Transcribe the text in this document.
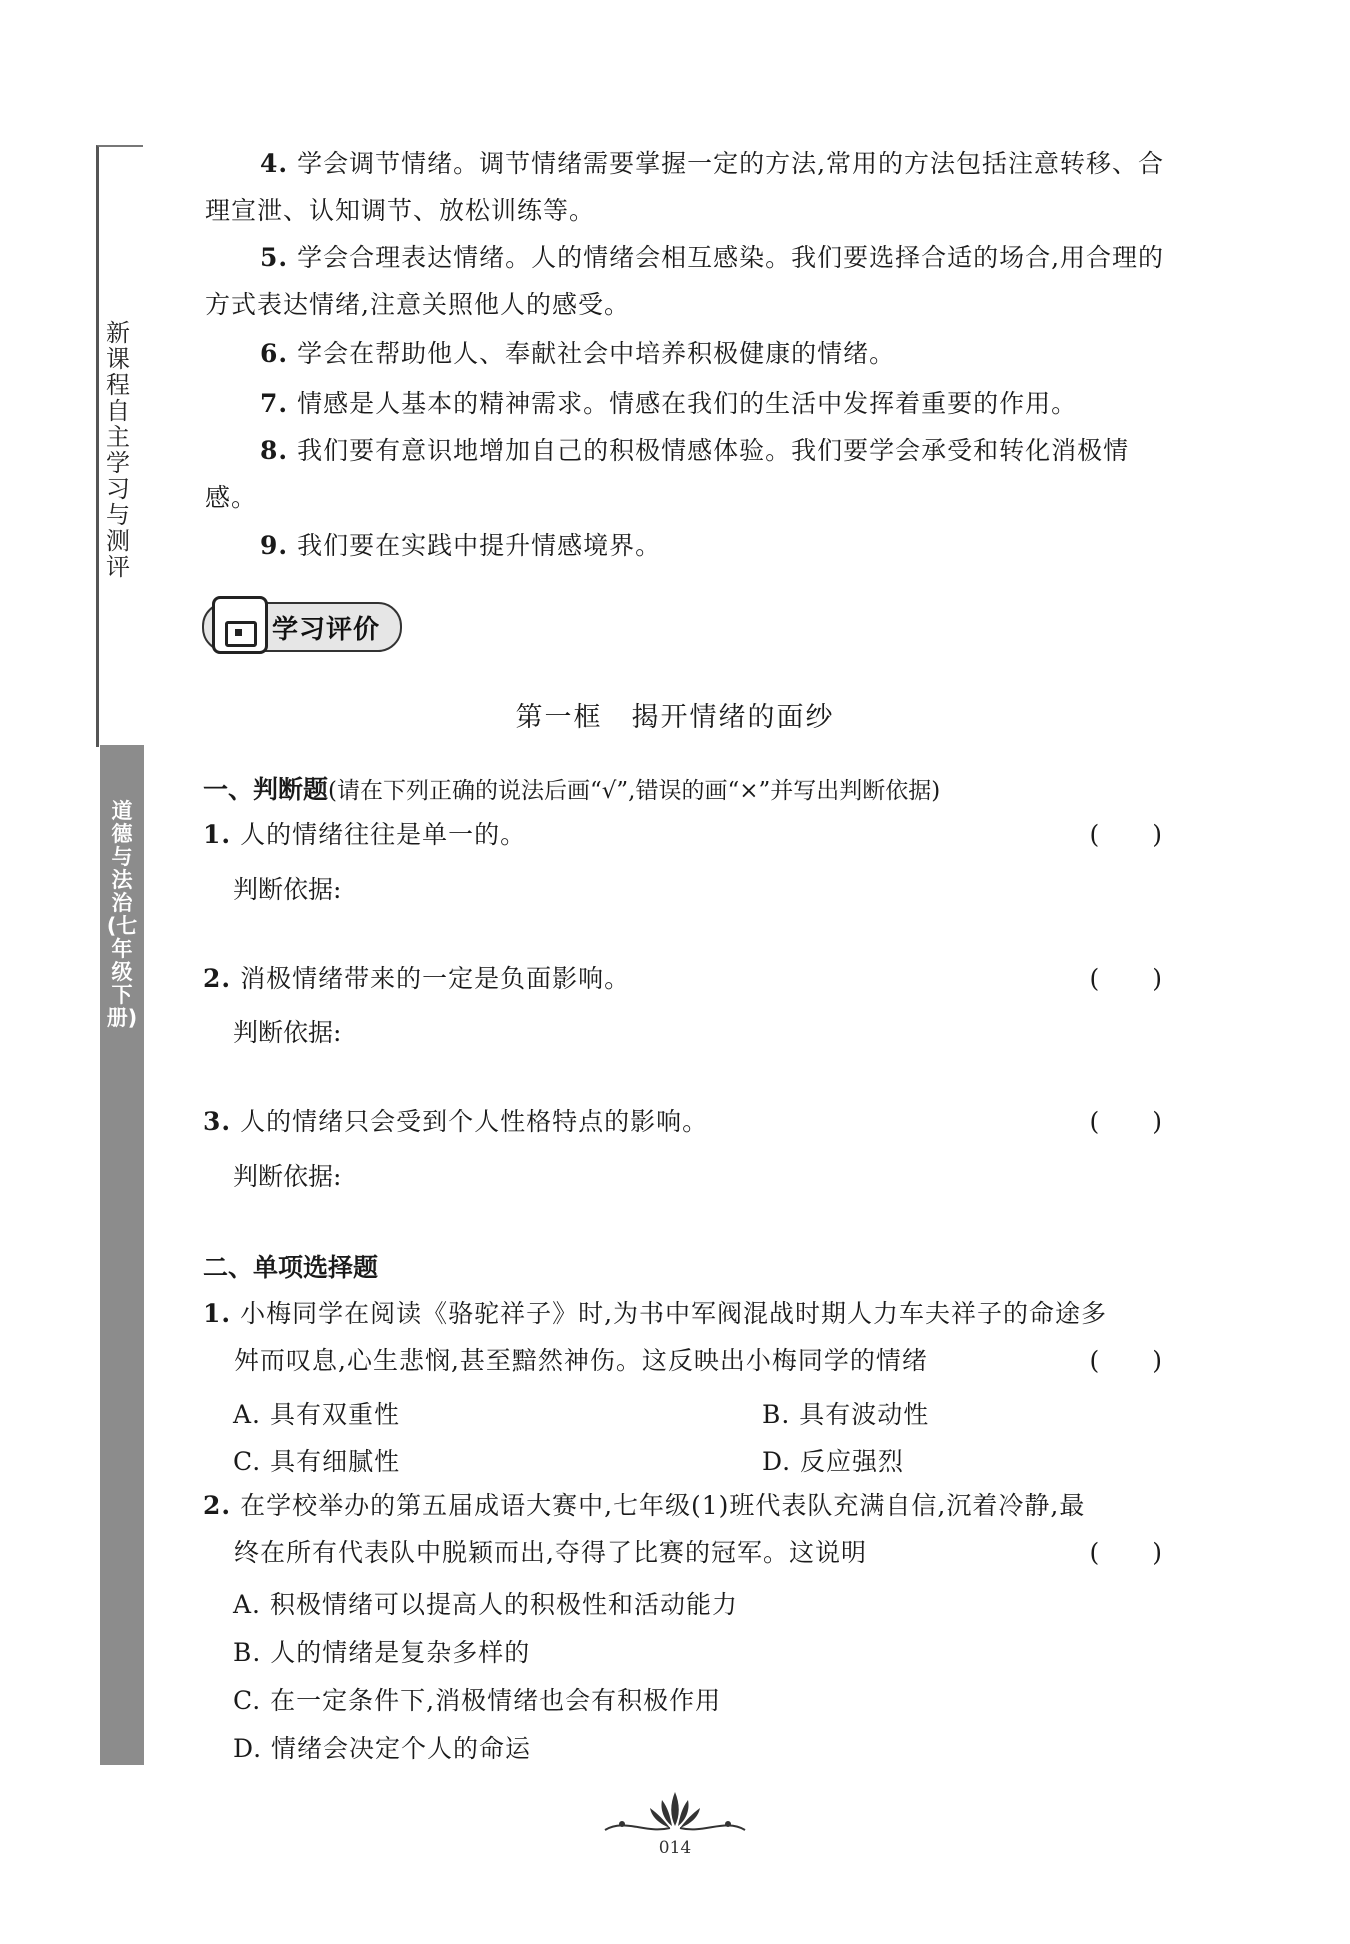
新课程自主学习与测评
道德与法治(七年级下册)
4. 学会调节情绪。调节情绪需要掌握一定的方法,常用的方法包括注意转移、合理宣泄、认知调节、放松训练等。
5. 学会合理表达情绪。人的情绪会相互感染。我们要选择合适的场合,用合理的方式表达情绪,注意关照他人的感受。
6. 学会在帮助他人、奉献社会中培养积极健康的情绪。
7. 情感是人基本的精神需求。情感在我们的生活中发挥着重要的作用。
8. 我们要有意识地增加自己的积极情感体验。我们要学会承受和转化消极情感。
9. 我们要在实践中提升情感境界。
学习评价
第一框　揭开情绪的面纱
一、判断题(请在下列正确的说法后画“√”,错误的画“×”并写出判断依据)
1. 人的情绪往往是单一的。	(　　)
判断依据:
2. 消极情绪带来的一定是负面影响。	(　　)
判断依据:
3. 人的情绪只会受到个人性格特点的影响。	(　　)
判断依据:
二、单项选择题
1. 小梅同学在阅读《骆驼祥子》时,为书中军阀混战时期人力车夫祥子的命途多
舛而叹息,心生悲悯,甚至黯然神伤。这反映出小梅同学的情绪	(　　)
A. 具有双重性	B. 具有波动性
C. 具有细腻性	D. 反应强烈
2. 在学校举办的第五届成语大赛中,七年级(1)班代表队充满自信,沉着冷静,最
终在所有代表队中脱颖而出,夺得了比赛的冠军。这说明	(　　)
A. 积极情绪可以提高人的积极性和活动能力
B. 人的情绪是复杂多样的
C. 在一定条件下,消极情绪也会有积极作用
D. 情绪会决定个人的命运
014
